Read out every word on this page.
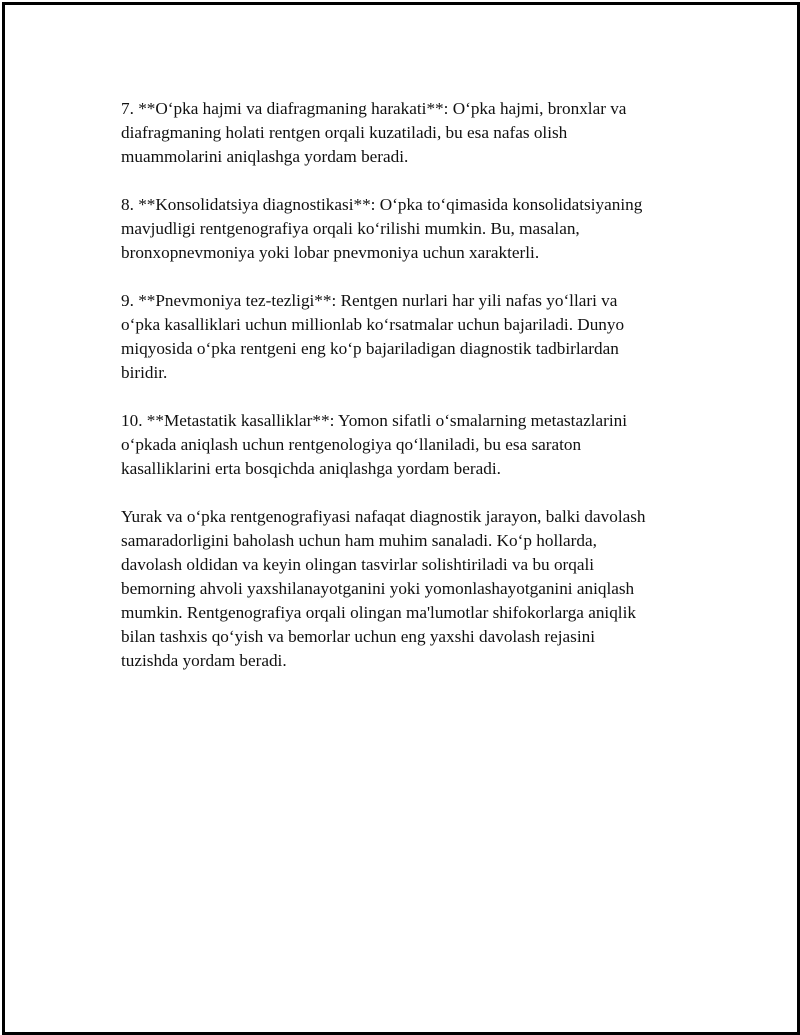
7. **O‘pka hajmi va diafragmaning harakati**: O‘pka hajmi, bronxlar va
diafragmaning holati rentgen orqali kuzatiladi, bu esa nafas olish
muammolarini aniqlashga yordam beradi.

8. **Konsolidatsiya diagnostikasi**: O‘pka to‘qimasida konsolidatsiyaning
mavjudligi rentgenografiya orqali ko‘rilishi mumkin. Bu, masalan,
bronxopnevmoniya yoki lobar pnevmoniya uchun xarakterli.

9. **Pnevmoniya tez-tezligi**: Rentgen nurlari har yili nafas yo‘llari va
o‘pka kasalliklari uchun millionlab ko‘rsatmalar uchun bajariladi. Dunyo
miqyosida o‘pka rentgeni eng ko‘p bajariladigan diagnostik tadbirlardan
biridir.

10. **Metastatik kasalliklar**: Yomon sifatli o‘smalarning metastazlarini
o‘pkada aniqlash uchun rentgenologiya qo‘llaniladi, bu esa saraton
kasalliklarini erta bosqichda aniqlashga yordam beradi.

Yurak va o‘pka rentgenografiyasi nafaqat diagnostik jarayon, balki davolash
samaradorligini baholash uchun ham muhim sanaladi. Ko‘p hollarda,
davolash oldidan va keyin olingan tasvirlar solishtiriladi va bu orqali
bemorning ahvoli yaxshilanayotganini yoki yomonlashayotganini aniqlash
mumkin. Rentgenografiya orqali olingan ma'lumotlar shifokorlarga aniqlik
bilan tashxis qo‘yish va bemorlar uchun eng yaxshi davolash rejasini
tuzishda yordam beradi.
